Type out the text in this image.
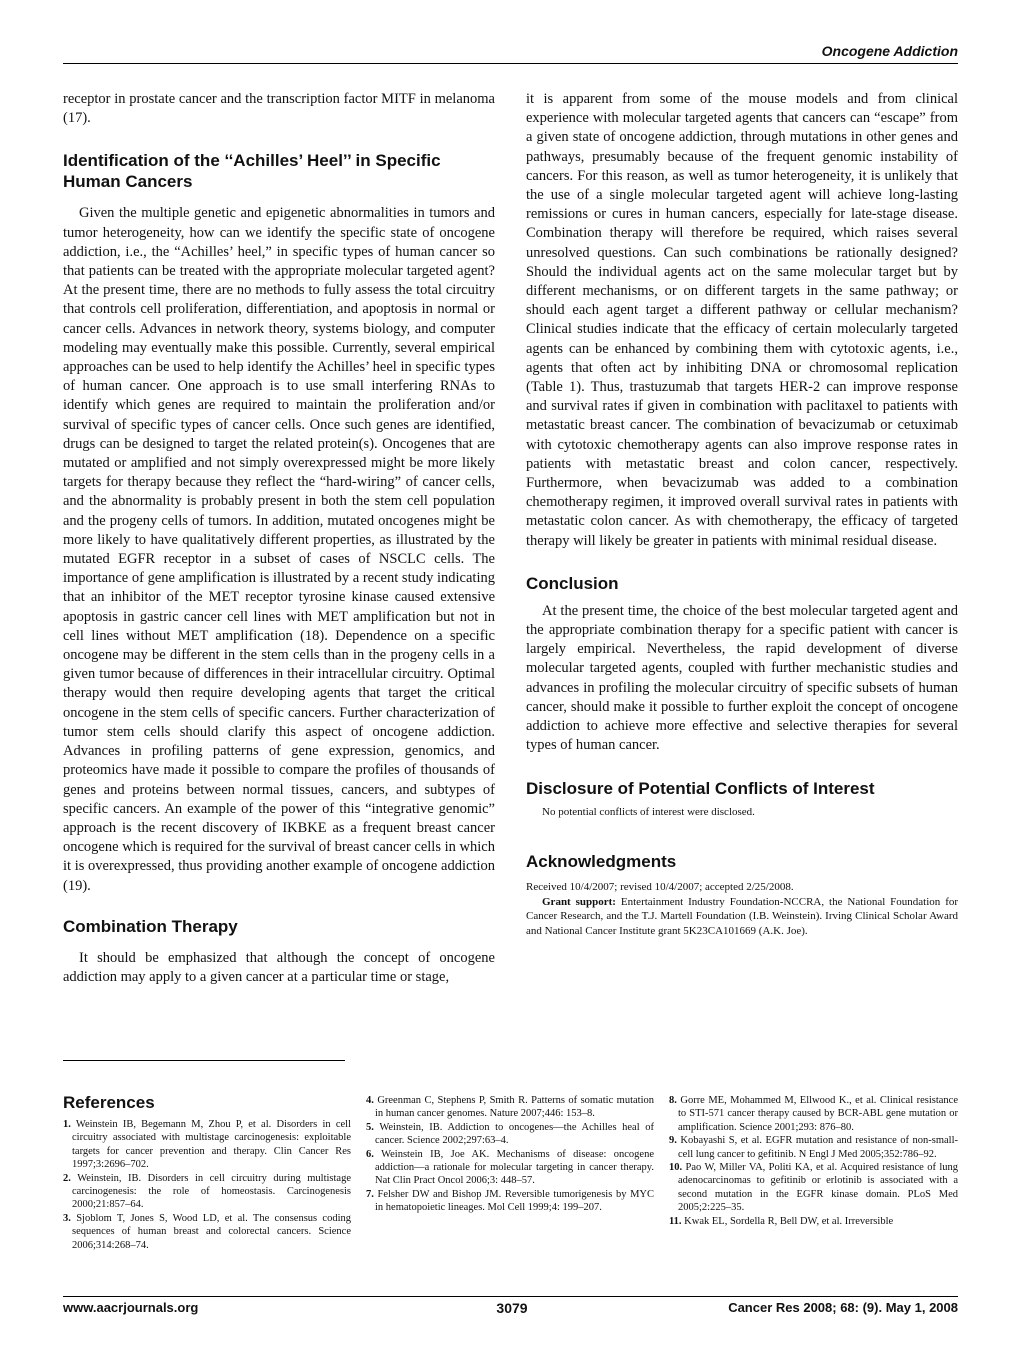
Oncogene Addiction

receptor in prostate cancer and the transcription factor MITF in melanoma (17).

Identification of the ‘‘Achilles’ Heel’’ in Specific Human Cancers

Given the multiple genetic and epigenetic abnormalities in tumors and tumor heterogeneity, how can we identify the specific state of oncogene addiction, i.e., the “Achilles’ heel,” in specific types of human cancer so that patients can be treated with the appropriate molecular targeted agent? At the present time, there are no methods to fully assess the total circuitry that controls cell proliferation, differentiation, and apoptosis in normal or cancer cells. Advances in network theory, systems biology, and computer modeling may eventually make this possible. Currently, several empirical approaches can be used to help identify the Achilles’ heel in specific types of human cancer. One approach is to use small interfering RNAs to identify which genes are required to maintain the proliferation and/or survival of specific types of cancer cells. Once such genes are identified, drugs can be designed to target the related protein(s). Oncogenes that are mutated or amplified and not simply overexpressed might be more likely targets for therapy because they reflect the “hard-wiring” of cancer cells, and the abnormality is probably present in both the stem cell population and the progeny cells of tumors. In addition, mutated oncogenes might be more likely to have qualitatively different properties, as illustrated by the mutated EGFR receptor in a subset of cases of NSCLC cells. The importance of gene amplification is illustrated by a recent study indicating that an inhibitor of the MET receptor tyrosine kinase caused extensive apoptosis in gastric cancer cell lines with MET amplification but not in cell lines without MET amplification (18). Dependence on a specific oncogene may be different in the stem cells than in the progeny cells in a given tumor because of differences in their intracellular circuitry. Optimal therapy would then require developing agents that target the critical oncogene in the stem cells of specific cancers. Further characterization of tumor stem cells should clarify this aspect of oncogene addiction. Advances in profiling patterns of gene expression, genomics, and proteomics have made it possible to compare the profiles of thousands of genes and proteins between normal tissues, cancers, and subtypes of specific cancers. An example of the power of this “integrative genomic” approach is the recent discovery of IKBKE as a frequent breast cancer oncogene which is required for the survival of breast cancer cells in which it is overexpressed, thus providing another example of oncogene addiction (19).

Combination Therapy

It should be emphasized that although the concept of oncogene addiction may apply to a given cancer at a particular time or stage,

it is apparent from some of the mouse models and from clinical experience with molecular targeted agents that cancers can “escape” from a given state of oncogene addiction, through mutations in other genes and pathways, presumably because of the frequent genomic instability of cancers. For this reason, as well as tumor heterogeneity, it is unlikely that the use of a single molecular targeted agent will achieve long-lasting remissions or cures in human cancers, especially for late-stage disease. Combination therapy will therefore be required, which raises several unresolved questions. Can such combinations be rationally designed? Should the individual agents act on the same molecular target but by different mechanisms, or on different targets in the same pathway; or should each agent target a different pathway or cellular mechanism? Clinical studies indicate that the efficacy of certain molecularly targeted agents can be enhanced by combining them with cytotoxic agents, i.e., agents that often act by inhibiting DNA or chromosomal replication (Table 1). Thus, trastuzumab that targets HER-2 can improve response and survival rates if given in combination with paclitaxel to patients with metastatic breast cancer. The combination of bevacizumab or cetuximab with cytotoxic chemotherapy agents can also improve response rates in patients with metastatic breast and colon cancer, respectively. Furthermore, when bevacizumab was added to a combination chemotherapy regimen, it improved overall survival rates in patients with metastatic colon cancer. As with chemotherapy, the efficacy of targeted therapy will likely be greater in patients with minimal residual disease.

Conclusion

At the present time, the choice of the best molecular targeted agent and the appropriate combination therapy for a specific patient with cancer is largely empirical. Nevertheless, the rapid development of diverse molecular targeted agents, coupled with further mechanistic studies and advances in profiling the molecular circuitry of specific subsets of human cancer, should make it possible to further exploit the concept of oncogene addiction to achieve more effective and selective therapies for several types of human cancer.

Disclosure of Potential Conflicts of Interest

No potential conflicts of interest were disclosed.

Acknowledgments

Received 10/4/2007; revised 10/4/2007; accepted 2/25/2008.

Grant support: Entertainment Industry Foundation-NCCRA, the National Foundation for Cancer Research, and the T.J. Martell Foundation (I.B. Weinstein). Irving Clinical Scholar Award and National Cancer Institute grant 5K23CA101669 (A.K. Joe).

References

1. Weinstein IB, Begemann M, Zhou P, et al. Disorders in cell circuitry associated with multistage carcinogenesis: exploitable targets for cancer prevention and therapy. Clin Cancer Res 1997;3:2696–702.

2. Weinstein, IB. Disorders in cell circuitry during multistage carcinogenesis: the role of homeostasis. Carcinogenesis 2000;21:857–64.

3. Sjoblom T, Jones S, Wood LD, et al. The consensus coding sequences of human breast and colorectal cancers. Science 2006;314:268–74.

4. Greenman C, Stephens P, Smith R. Patterns of somatic mutation in human cancer genomes. Nature 2007;446: 153–8.

5. Weinstein, IB. Addiction to oncogenes—the Achilles heal of cancer. Science 2002;297:63–4.

6. Weinstein IB, Joe AK. Mechanisms of disease: oncogene addiction—a rationale for molecular targeting in cancer therapy. Nat Clin Pract Oncol 2006;3: 448–57.

7. Felsher DW and Bishop JM. Reversible tumorigenesis by MYC in hematopoietic lineages. Mol Cell 1999;4: 199–207.

8. Gorre ME, Mohammed M, Ellwood K., et al. Clinical resistance to STI-571 cancer therapy caused by BCR-ABL gene mutation or amplification. Science 2001;293: 876–80.

9. Kobayashi S, et al. EGFR mutation and resistance of non-small-cell lung cancer to gefitinib. N Engl J Med 2005;352:786–92.

10. Pao W, Miller VA, Politi KA, et al. Acquired resistance of lung adenocarcinomas to gefitinib or erlotinib is associated with a second mutation in the EGFR kinase domain. PLoS Med 2005;2:225–35.

11. Kwak EL, Sordella R, Bell DW, et al. Irreversible

www.aacrjournals.org	3079	Cancer Res 2008; 68: (9). May 1, 2008
